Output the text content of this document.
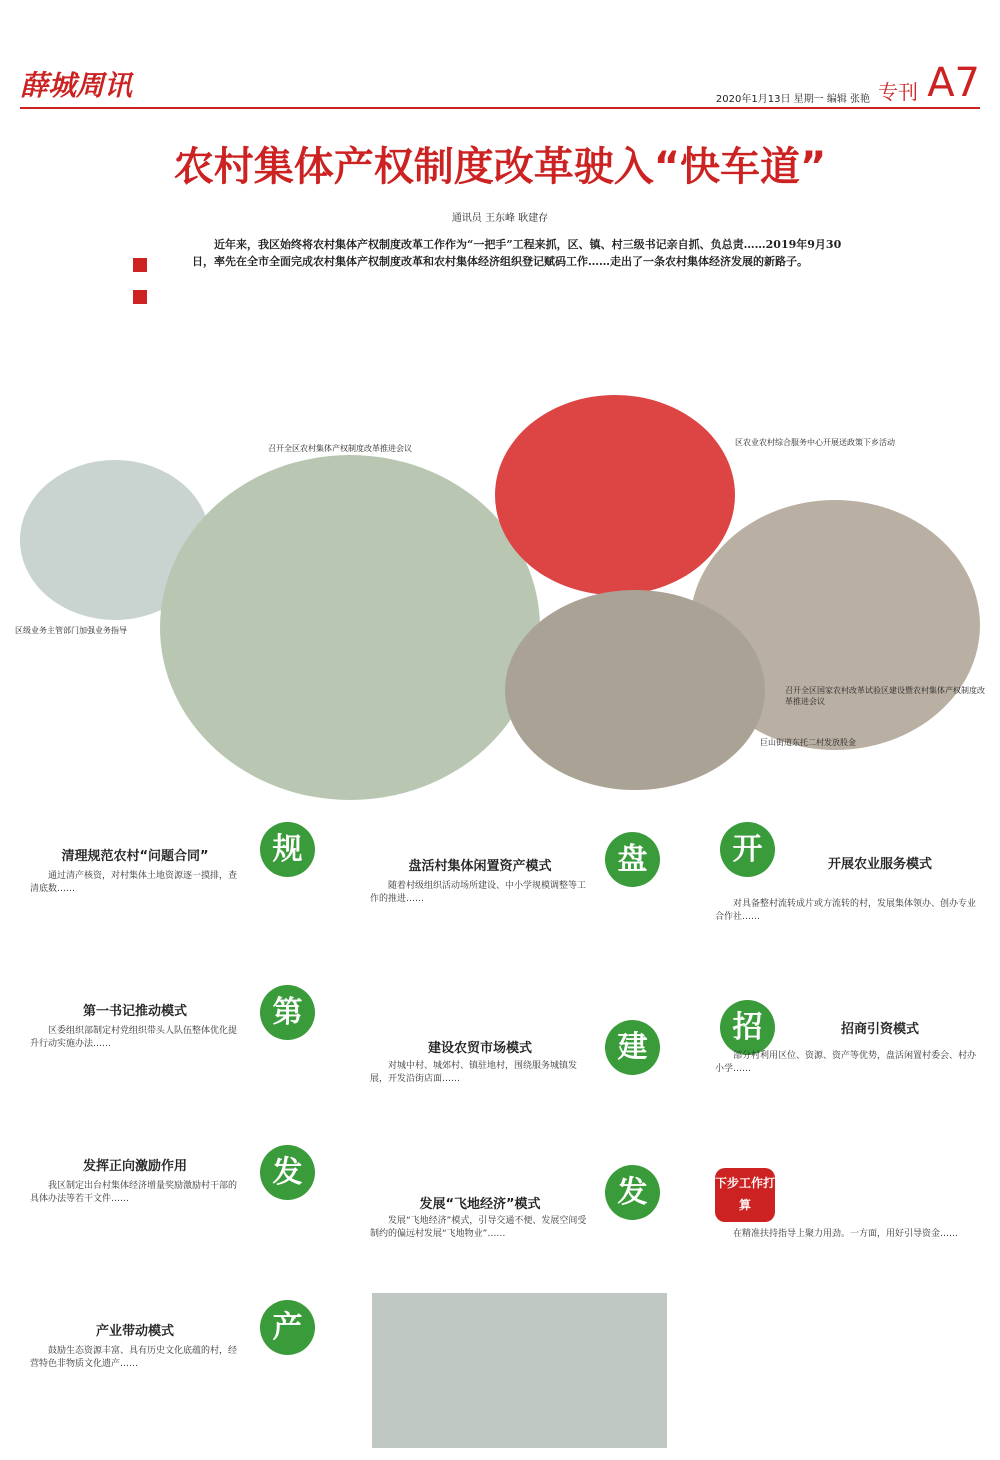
薛城周讯	2020年1月13日 星期一 编辑 张艳 专刊 A7
农村集体产权制度改革驶入“快车道”
通讯员 王东峰 耿建存
近年来，我区始终将农村集体产权制度改革工作作为“一把手”工程来抓，区、镇、村三级书记亲自抓、负总责……2019年9月30日，率先在全市全面完成农村集体产权制度改革和农村集体经济组织登记赋码工作……走出了一条农村集体经济发展的新路子。
召开全区农村集体产权制度改革推进会议
区农业农村综合服务中心开展送政策下乡活动
区级业务主管部门加强业务指导
召开全区国家农村改革试验区建设暨农村集体产权制度改革推进会议
巨山街道东托二村发放股金
规
第
发
产
盘
建
发
开
招
清理规范农村“问题合同”
通过清产核资，对村集体土地资源逐一摸排，查清底数……
第一书记推动模式
区委组织部制定村党组织带头人队伍整体优化提升行动实施办法……
发挥正向激励作用
我区制定出台村集体经济增量奖励激励村干部的具体办法等若干文件……
产业带动模式
鼓励生态资源丰富、具有历史文化底蕴的村，经营特色非物质文化遗产……
盘活村集体闲置资产模式
随着村级组织活动场所建设、中小学规模调整等工作的推进……
建设农贸市场模式
对城中村、城郊村、镇驻地村，围绕服务城镇发展，开发沿街店面……
发展“飞地经济”模式
发展“飞地经济”模式，引导交通不便、发展空间受制约的偏远村发展“飞地物业”……
开展农业服务模式
对具备整村流转成片或方流转的村，发展集体领办、创办专业合作社……
招商引资模式
部分村利用区位、资源、资产等优势，盘活闲置村委会、村办小学……
下步工作打算
在精准扶持指导上聚力用劲。一方面，用好引导资金……
